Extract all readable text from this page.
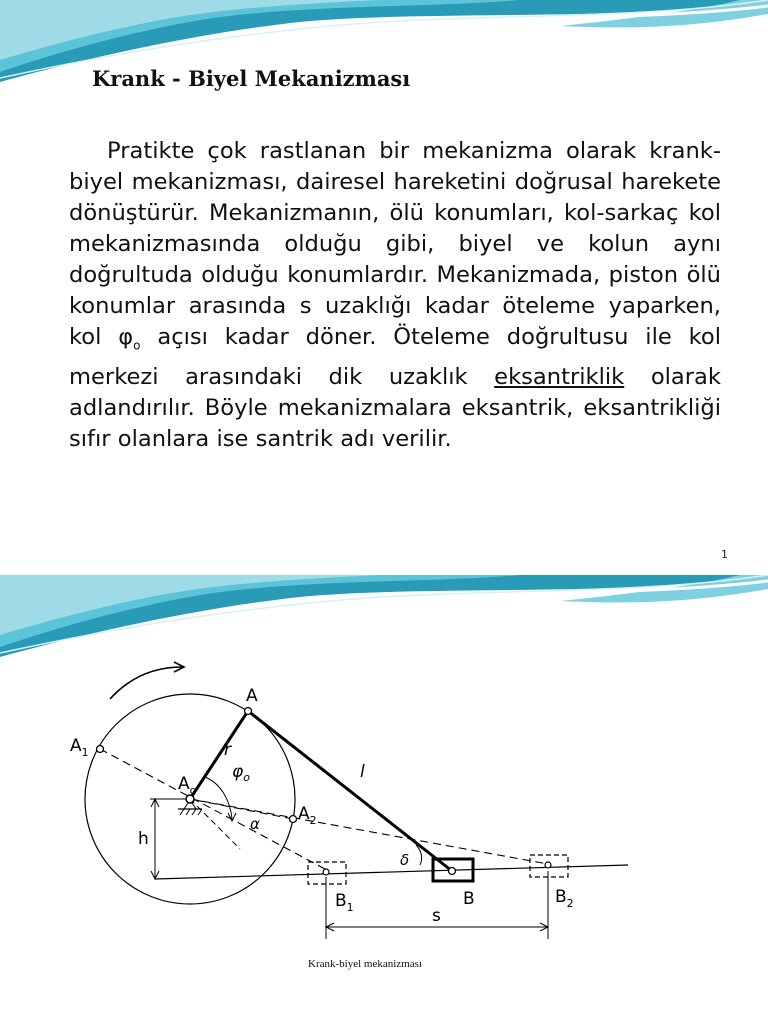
Krank - Biyel Mekanizması

Pratikte çok rastlanan bir mekanizma olarak krank-biyel mekanizması, dairesel hareketini doğrusal harekete dönüştürür. Mekanizmanın, ölü konumları, kol-sarkaç kol mekanizmasında olduğu gibi, biyel ve kolun aynı doğrultuda olduğu konumlardır. Mekanizmada, piston ölü konumlar arasında s uzaklığı kadar öteleme yaparken, kol $\varphi_o$ açısı kadar döner. Öteleme doğrultusu ile kol merkezi arasındaki dik uzaklık eksantriklik olarak adlandırılır. Böyle mekanizmalara eksantrik, eksantrikliği sıfır olanlara ise santrik adı verilir.

1
A
$A_1$
$A_o$
$A_2$
B
$B_1$
$B_2$
r
l
h
s
$\varphi_o$
α
δ
Krank-biyel mekanizması
